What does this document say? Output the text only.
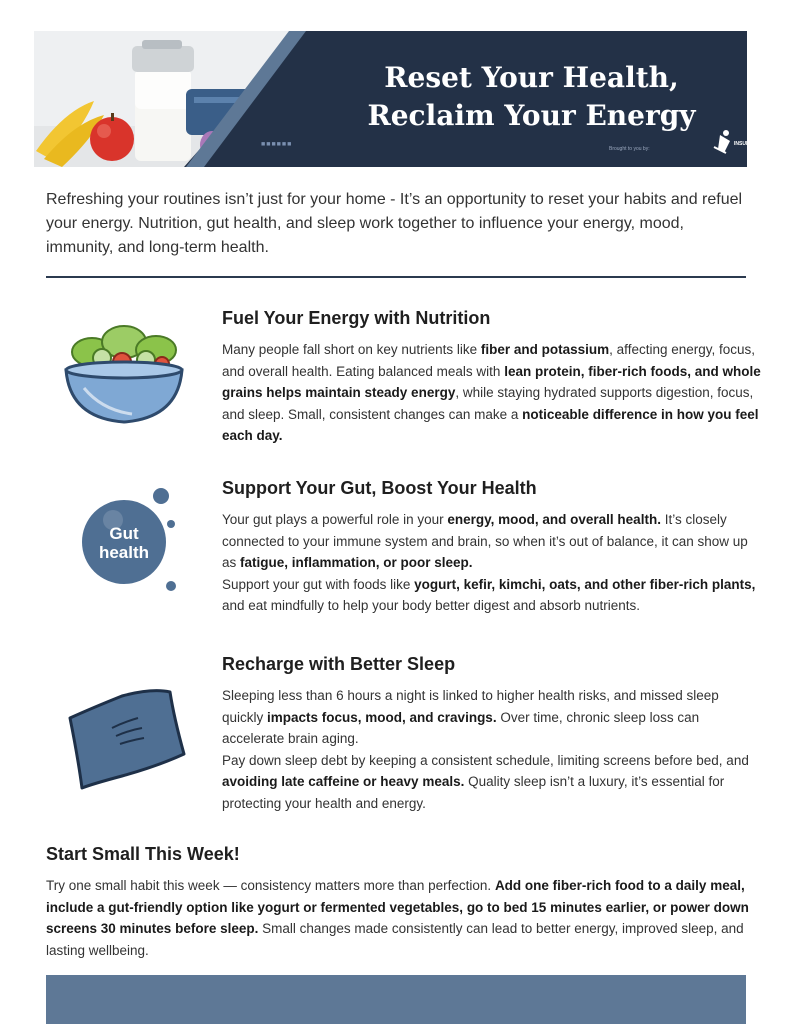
Reset Your Health,
Reclaim Your Energy
■■■■■■
Brought to you by:
INSURANCE
Refreshing your routines isn’t just for your home - It’s an opportunity to reset your habits and refuel your energy. Nutrition, gut health, and sleep work together to influence your energy, mood, immunity, and long-term health.
Gut
health
Fuel Your Energy with Nutrition

Many people fall short on key nutrients like fiber and potassium, affecting energy, focus, and overall health. Eating balanced meals with lean protein, fiber-rich foods, and whole grains helps maintain steady energy, while staying hydrated supports digestion, focus, and sleep. Small, consistent changes can make a noticeable difference in how you feel each day.

Support Your Gut, Boost Your Health

Your gut plays a powerful role in your energy, mood, and overall health. It’s closely connected to your immune system and brain, so when it’s out of balance, it can show up as fatigue, inflammation, or poor sleep.

Support your gut with foods like yogurt, kefir, kimchi, oats, and other fiber-rich plants, and eat mindfully to help your body better digest and absorb nutrients.

Recharge with Better Sleep

Sleeping less than 6 hours a night is linked to higher health risks, and missed sleep quickly impacts focus, mood, and cravings. Over time, chronic sleep loss can accelerate brain aging.

Pay down sleep debt by keeping a consistent schedule, limiting screens before bed, and avoiding late caffeine or heavy meals. Quality sleep isn’t a luxury, it’s essential for protecting your health and energy.

Start Small This Week!

Try one small habit this week — consistency matters more than perfection. Add one fiber-rich food to a daily meal, include a gut-friendly option like yogurt or fermented vegetables, go to bed 15 minutes earlier, or power down screens 30 minutes before sleep. Small changes made consistently can lead to better energy, improved sleep, and lasting wellbeing.
